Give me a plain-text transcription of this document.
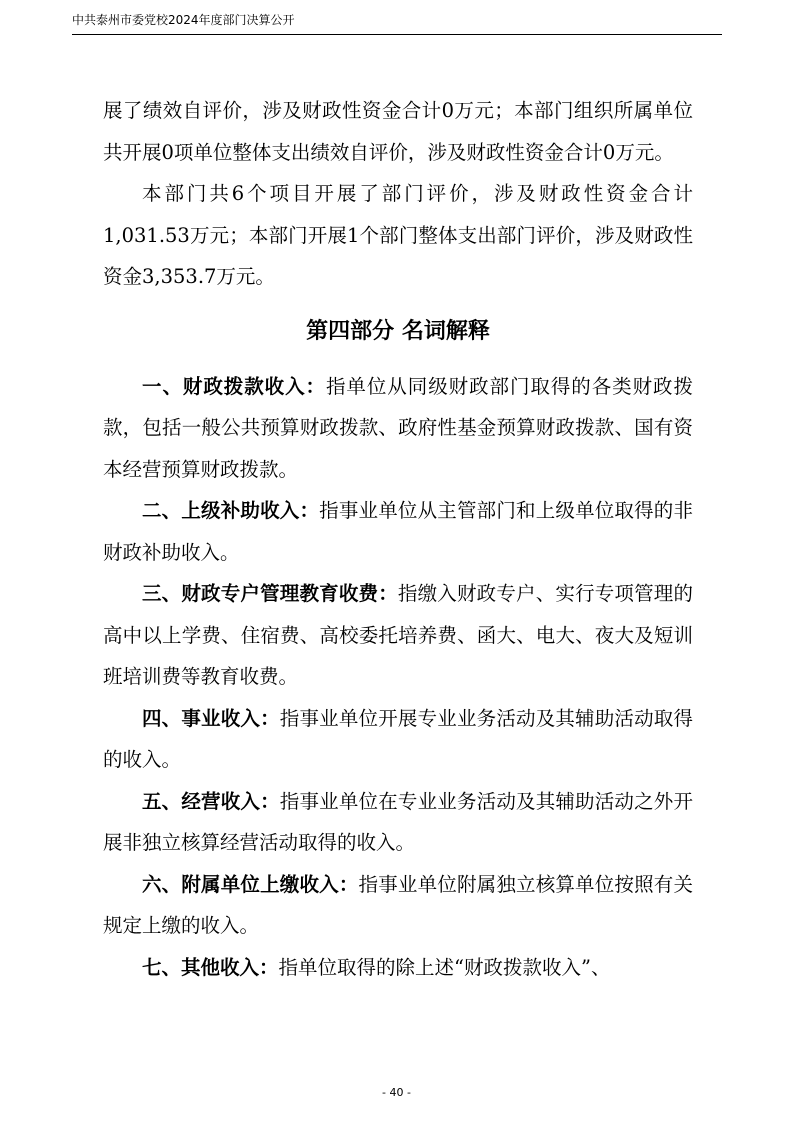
中共泰州市委党校2024年度部门决算公开

展了绩效自评价，涉及财政性资金合计0万元；本部门组织所属单位共开展0项单位整体支出绩效自评价，涉及财政性资金合计0万元。

本部门共6个项目开展了部门评价，涉及财政性资金合计1,031.53万元；本部门开展1个部门整体支出部门评价，涉及财政性资金3,353.7万元。

第四部分 名词解释

一、财政拨款收入：指单位从同级财政部门取得的各类财政拨款，包括一般公共预算财政拨款、政府性基金预算财政拨款、国有资本经营预算财政拨款。

二、上级补助收入：指事业单位从主管部门和上级单位取得的非财政补助收入。

三、财政专户管理教育收费：指缴入财政专户、实行专项管理的高中以上学费、住宿费、高校委托培养费、函大、电大、夜大及短训班培训费等教育收费。

四、事业收入：指事业单位开展专业业务活动及其辅助活动取得的收入。

五、经营收入：指事业单位在专业业务活动及其辅助活动之外开展非独立核算经营活动取得的收入。

六、附属单位上缴收入：指事业单位附属独立核算单位按照有关规定上缴的收入。

七、其他收入：指单位取得的除上述“财政拨款收入”、

- 40 -
